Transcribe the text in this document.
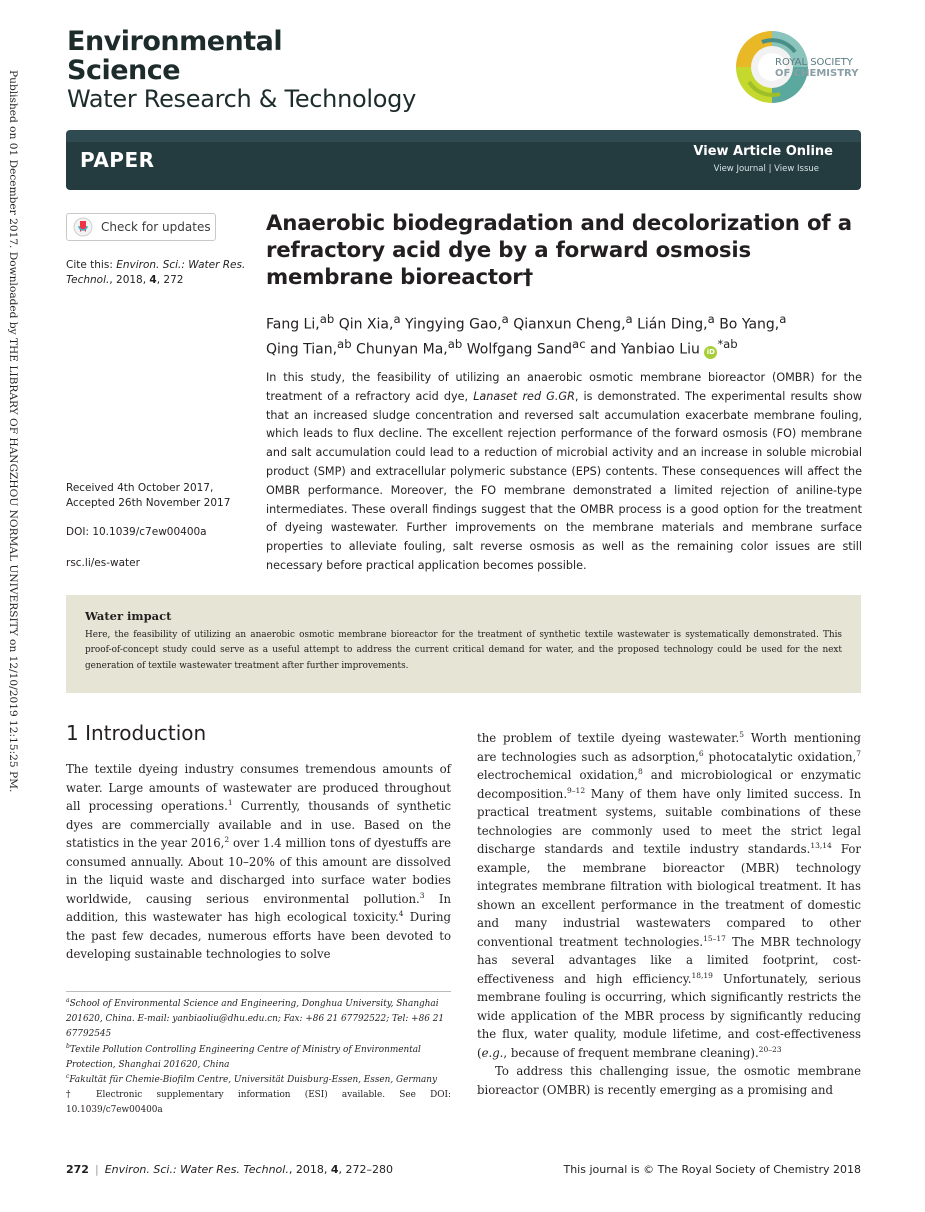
Published on 01 December 2017. Downloaded by THE LIBRARY OF HANGZHOU NORMAL UNIVERSITY on 12/10/2019 12:15:25 PM.
Environmental
Science
Water Research & Technology
ROYAL SOCIETY
OF CHEMISTRY
PAPER	View Article Online
View Journal | View Issue
Check for updates
Cite this: Environ. Sci.: Water Res. Technol., 2018, 4, 272
Received 4th October 2017,
Accepted 26th November 2017
DOI: 10.1039/c7ew00400a
rsc.li/es-water
Anaerobic biodegradation and decolorization of a refractory acid dye by a forward osmosis membrane bioreactor†
Fang Li,$^{ab}$ Qin Xia,$^a$ Yingying Gao,$^a$ Qianxun Cheng,$^a$ Lián Ding,$^a$ Bo Yang,$^a$
Qing Tian,$^{ab}$ Chunyan Ma,$^{ab}$ Wolfgang Sand$^{ac}$ and Yanbiao Liu $iD^{*ab}$
In this study, the feasibility of utilizing an anaerobic osmotic membrane bioreactor (OMBR) for the treatment of a refractory acid dye, Lanaset red G.GR, is demonstrated. The experimental results show that an increased sludge concentration and reversed salt accumulation exacerbate membrane fouling, which leads to flux decline. The excellent rejection performance of the forward osmosis (FO) membrane and salt accumulation could lead to a reduction of microbial activity and an increase in soluble microbial product (SMP) and extracellular polymeric substance (EPS) contents. These consequences will affect the OMBR performance. Moreover, the FO membrane demonstrated a limited rejection of aniline-type intermediates. These overall findings suggest that the OMBR process is a good option for the treatment of dyeing wastewater. Further improvements on the membrane materials and membrane surface properties to alleviate fouling, salt reverse osmosis as well as the remaining color issues are still necessary before practical application becomes possible.
Water impact
Here, the feasibility of utilizing an anaerobic osmotic membrane bioreactor for the treatment of synthetic textile wastewater is systematically demonstrated. This proof-of-concept study could serve as a useful attempt to address the current critical demand for water, and the proposed technology could be used for the next generation of textile wastewater treatment after further improvements.
1 Introduction

The textile dyeing industry consumes tremendous amounts of water. Large amounts of wastewater are produced throughout all processing operations.$^1$ Currently, thousands of synthetic dyes are commercially available and in use. Based on the statistics in the year 2016,$^2$ over 1.4 million tons of dyestuffs are consumed annually. About 10–20% of this amount are dissolved in the liquid waste and discharged into surface water bodies worldwide, causing serious environmental pollution.$^3$ In addition, this wastewater has high ecological toxicity.$^4$ During the past few decades, numerous efforts have been devoted to developing sustainable technologies to solve

the problem of textile dyeing wastewater.$^5$ Worth mentioning are technologies such as adsorption,$^6$ photocatalytic oxidation,$^7$ electrochemical oxidation,$^8$ and microbiological or enzymatic decomposition.$^{9-12}$ Many of them have only limited success. In practical treatment systems, suitable combinations of these technologies are commonly used to meet the strict legal discharge standards and textile industry standards.$^{13,14}$ For example, the membrane bioreactor (MBR) technology integrates membrane filtration with biological treatment. It has shown an excellent performance in the treatment of domestic and many industrial wastewaters compared to other conventional treatment technologies.$^{15-17}$ The MBR technology has several advantages like a limited footprint, cost-effectiveness and high efficiency.$^{18,19}$ Unfortunately, serious membrane fouling is occurring, which significantly restricts the wide application of the MBR process by significantly reducing the flux, water quality, module lifetime, and cost-effectiveness (e.g., because of frequent membrane cleaning).$^{20-23}$

To address this challenging issue, the osmotic membrane bioreactor (OMBR) is recently emerging as a promising and

$^a$School of Environmental Science and Engineering, Donghua University, Shanghai 201620, China. E-mail: yanbiaoliu@dhu.edu.cn; Fax: +86 21 67792522; Tel: +86 21 67792545

$^b$Textile Pollution Controlling Engineering Centre of Ministry of Environmental Protection, Shanghai 201620, China

$^c$Fakultät für Chemie-Biofilm Centre, Universität Duisburg-Essen, Essen, Germany

† Electronic supplementary information (ESI) available. See DOI: 10.1039/c7ew00400a

272 | Environ. Sci.: Water Res. Technol., 2018, 4, 272–280	This journal is © The Royal Society of Chemistry 2018
